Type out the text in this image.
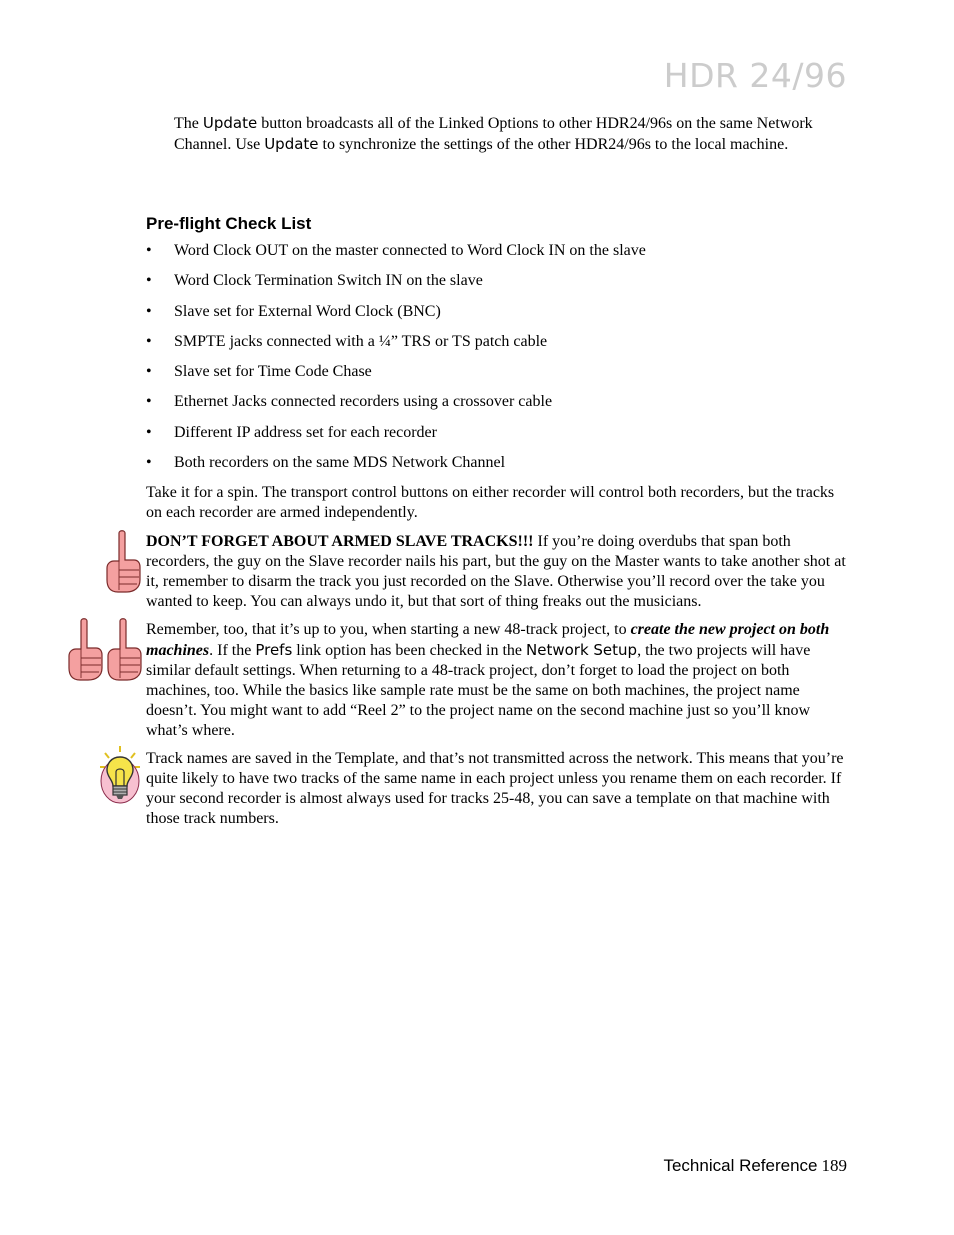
HDR 24/96

The Update button broadcasts all of the Linked Options to other HDR24/96s on the same Network Channel. Use Update to synchronize the settings of the other HDR24/96s to the local machine.

Pre-flight Check List
• Word Clock OUT on the master connected to Word Clock IN on the slave
• Word Clock Termination Switch IN on the slave
• Slave set for External Word Clock (BNC)
• SMPTE jacks connected with a ¼” TRS or TS patch cable
• Slave set for Time Code Chase
• Ethernet Jacks connected recorders using a crossover cable
• Different IP address set for each recorder
• Both recorders on the same MDS Network Channel

Take it for a spin. The transport control buttons on either recorder will control both recorders, but the tracks on each recorder are armed independently.

DON’T FORGET ABOUT ARMED SLAVE TRACKS!!! If you’re doing overdubs that span both recorders, the guy on the Slave recorder nails his part, but the guy on the Master wants to take another shot at it, remember to disarm the track you just recorded on the Slave. Otherwise you’ll record over the take you wanted to keep. You can always undo it, but that sort of thing freaks out the musicians.

Remember, too, that it’s up to you, when starting a new 48-track project, to create the new project on both machines. If the Prefs link option has been checked in the Network Setup, the two projects will have similar default settings. When returning to a 48-track project, don’t forget to load the project on both machines, too. While the basics like sample rate must be the same on both machines, the project name doesn’t. You might want to add “Reel 2” to the project name on the second machine just so you’ll know what’s where.

Track names are saved in the Template, and that’s not transmitted across the network. This means that you’re quite likely to have two tracks of the same name in each project unless you rename them on each recorder. If your second recorder is almost always used for tracks 25-48, you can save a template on that machine with those track numbers.

Technical Reference 189
